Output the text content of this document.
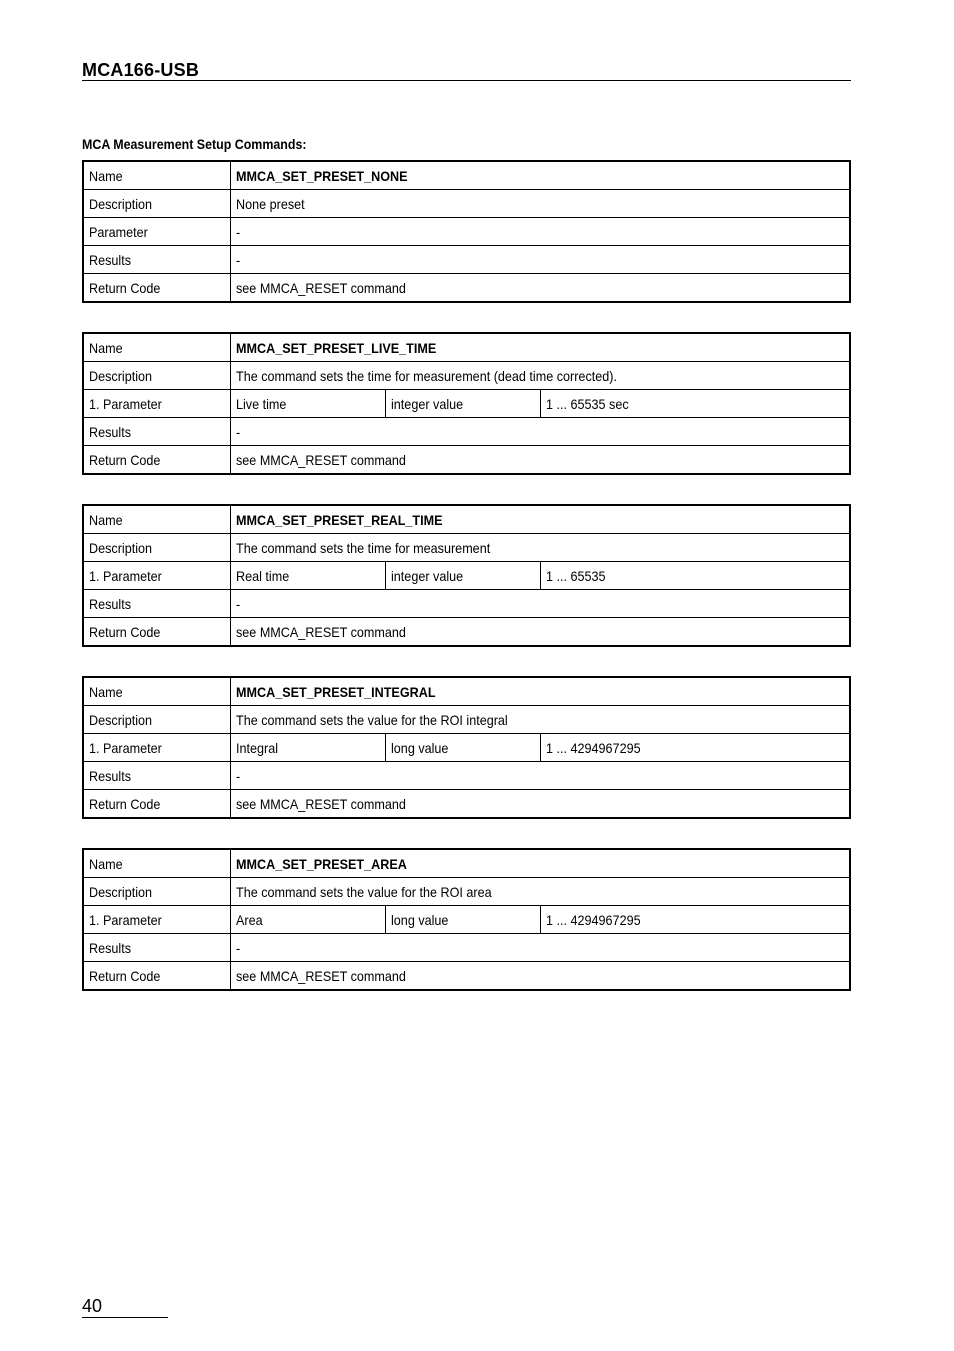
MCA166-USB
MCA Measurement Setup Commands:
Name	MMCA_SET_PRESET_NONE
Description	None preset
Parameter	-
Results	-
Return Code	see MMCA_RESET command
Name	MMCA_SET_PRESET_LIVE_TIME		
Description	The command sets the time for measurement (dead time corrected).		
1. Parameter	Live time	integer value	1 ... 65535 sec
Results	-		
Return Code	see MMCA_RESET command		
Name	MMCA_SET_PRESET_REAL_TIME		
Description	The command sets the time for measurement		
1. Parameter	Real time	integer value	1 ... 65535
Results	-		
Return Code	see MMCA_RESET command		
Name	MMCA_SET_PRESET_INTEGRAL		
Description	The command sets the value for the ROI integral		
1. Parameter	Integral	long value	1 ... 4294967295
Results	-		
Return Code	see MMCA_RESET command		
Name	MMCA_SET_PRESET_AREA		
Description	The command sets the value for the ROI area		
1. Parameter	Area	long value	1 ... 4294967295
Results	-		
Return Code	see MMCA_RESET command		
40
